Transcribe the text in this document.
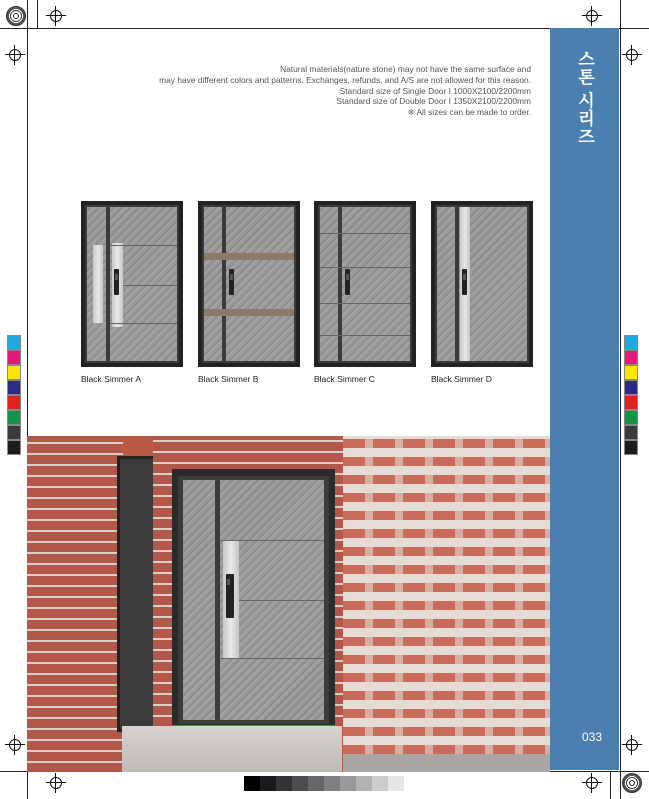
스톤 시리즈
033
Natural materials(nature stone) may not have the same surface and
may have different colors and patterns. Exchanges, refunds, and A/S are not allowed for this reason.
Standard size of Single Door I 1000X2100/2200mm
Standard size of Double Door I 1350X2100/2200mm
※ All sizes can be made to order.
Black Simmer A	Black Simmer B	Black Simmer C	Black Simmer D
